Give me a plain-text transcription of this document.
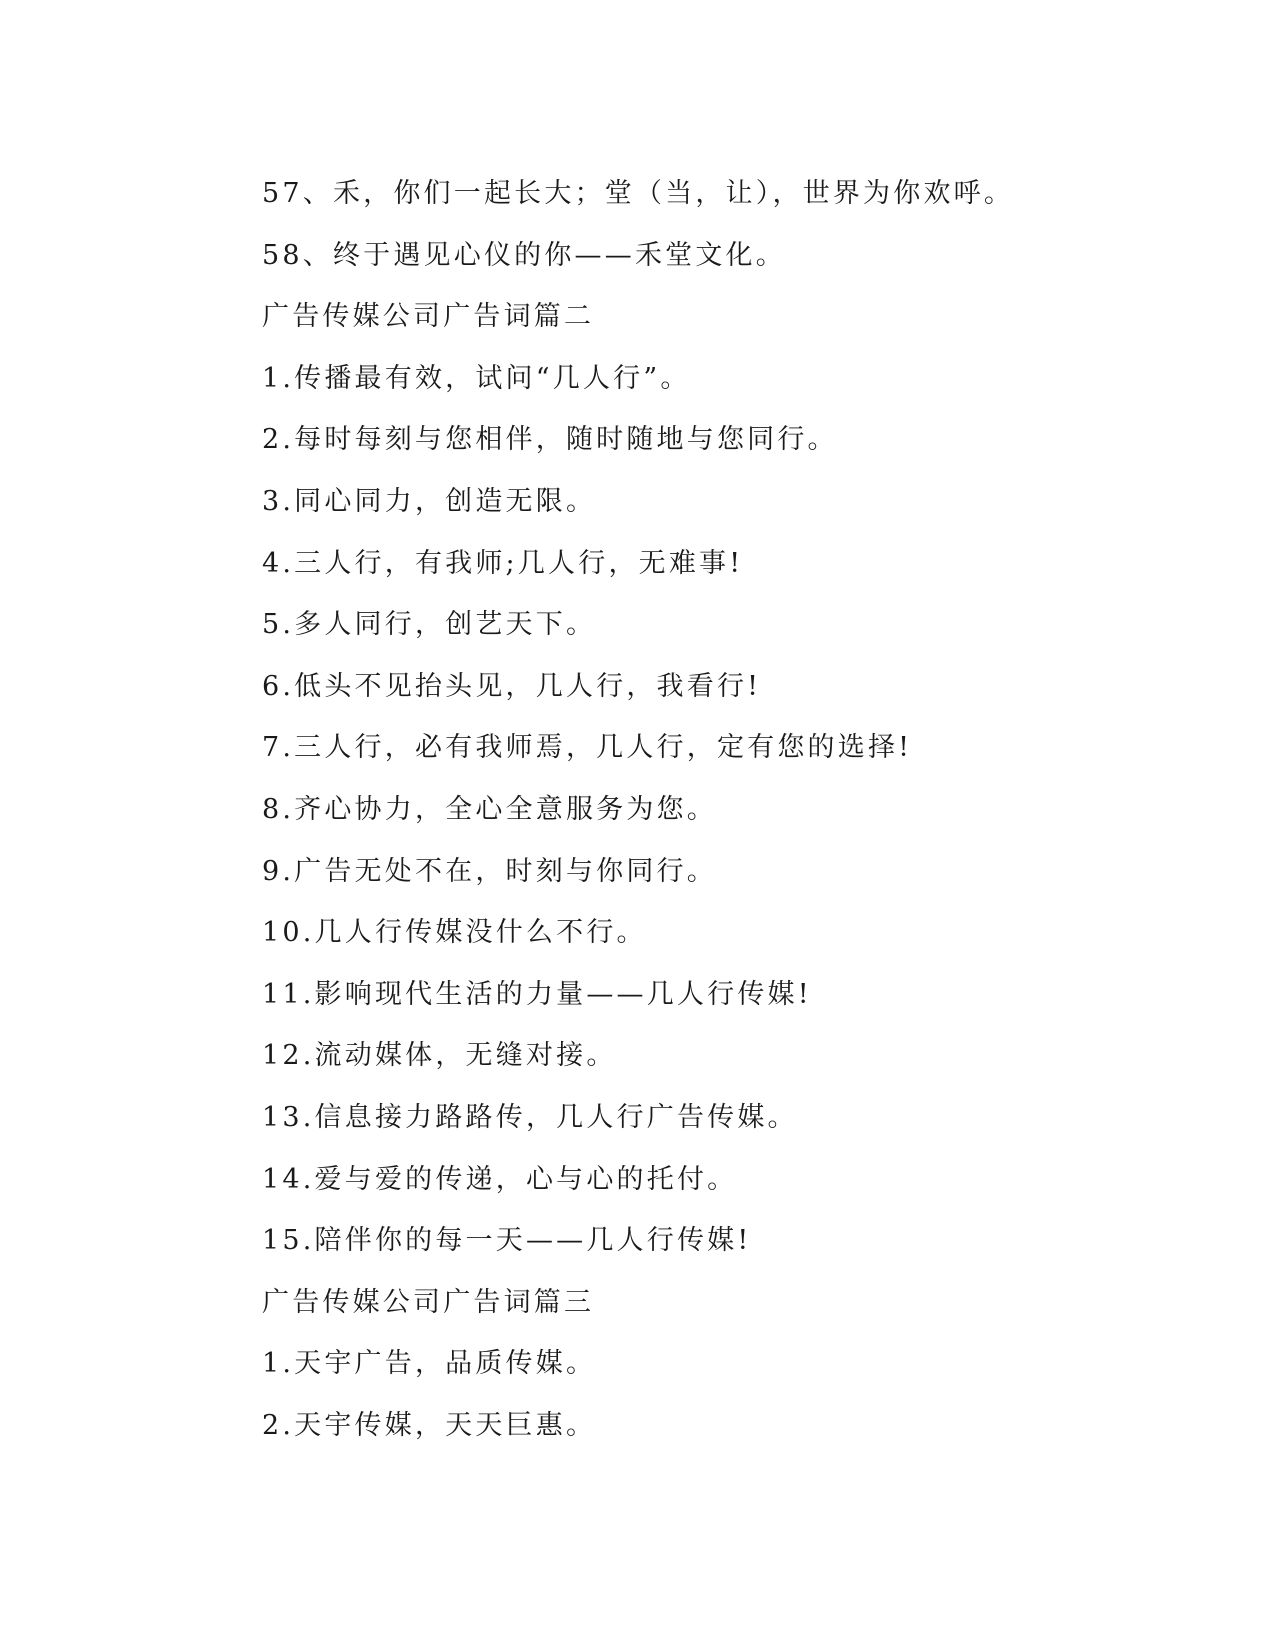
57、禾，你们一起长大；堂（当，让），世界为你欢呼。
58、终于遇见心仪的你——禾堂文化。
广告传媒公司广告词篇二
1.传播最有效，试问“几人行”。
2.每时每刻与您相伴，随时随地与您同行。
3.同心同力，创造无限。
4.三人行，有我师;几人行，无难事!
5.多人同行，创艺天下。
6.低头不见抬头见，几人行，我看行!
7.三人行，必有我师焉，几人行，定有您的选择!
8.齐心协力，全心全意服务为您。
9.广告无处不在，时刻与你同行。
10.几人行传媒没什么不行。
11.影响现代生活的力量——几人行传媒!
12.流动媒体，无缝对接。
13.信息接力路路传，几人行广告传媒。
14.爱与爱的传递，心与心的托付。
15.陪伴你的每一天——几人行传媒!
广告传媒公司广告词篇三
1.天宇广告，品质传媒。
2.天宇传媒，天天巨惠。
